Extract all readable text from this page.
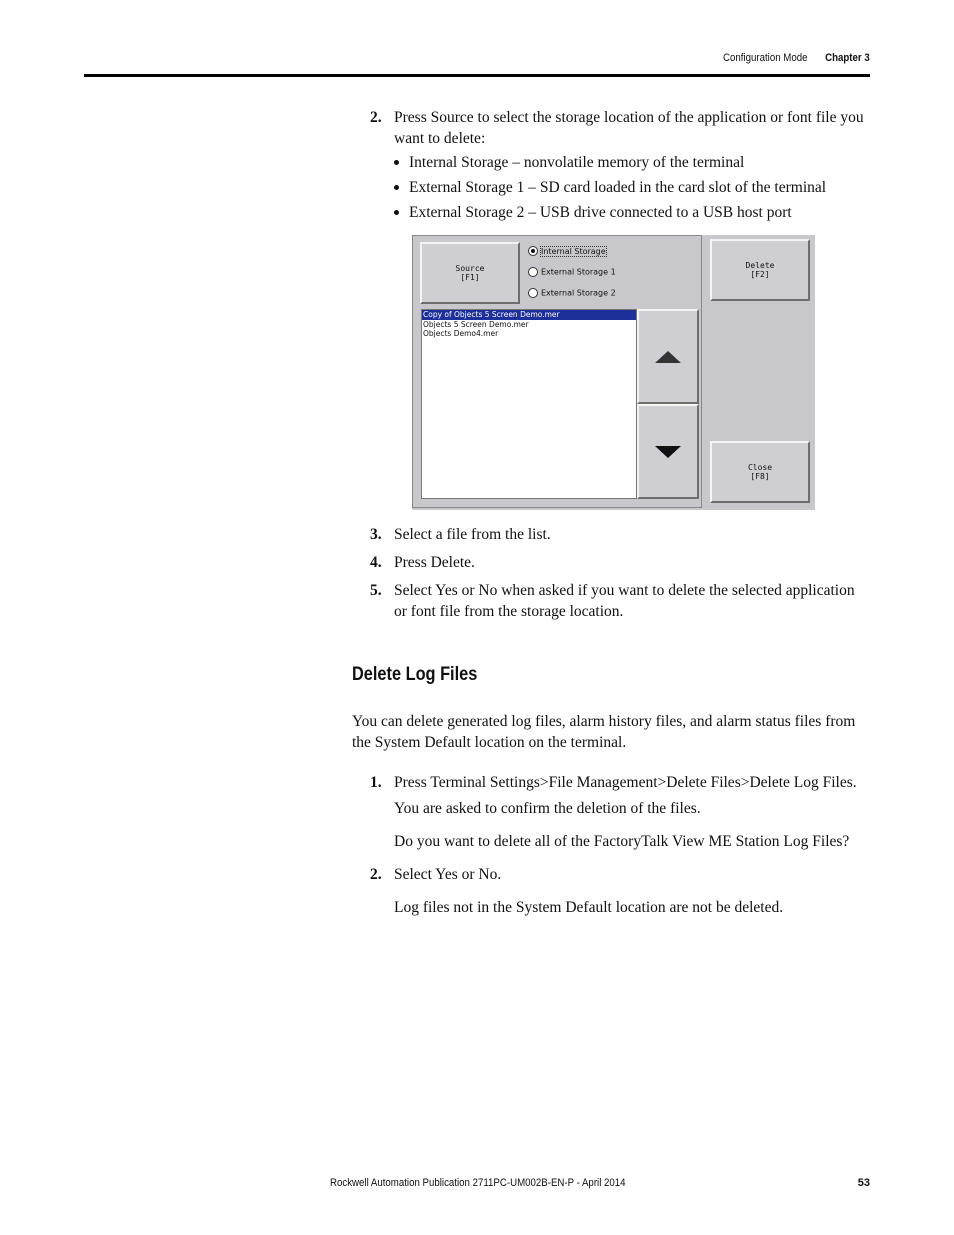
Configuration Mode Chapter 3
2. Press Source to select the storage location of the application or font file you want to delete:
Internal Storage – nonvolatile memory of the terminal
External Storage 1 – SD card loaded in the card slot of the terminal
External Storage 2 – USB drive connected to a USB host port
Source
[F1]
Internal Storage
External Storage 1
External Storage 2
Copy of Objects 5 Screen Demo.mer
Objects 5 Screen Demo.mer
Objects Demo4.mer
Delete
[F2]
Close
[F8]
3. Select a file from the list.
4. Press Delete.
5. Select Yes or No when asked if you want to delete the selected application or font file from the storage location.
Delete Log Files
You can delete generated log files, alarm history files, and alarm status files from the System Default location on the terminal.
1. Press Terminal Settings>File Management>Delete Files>Delete Log Files.
You are asked to confirm the deletion of the files.
Do you want to delete all of the FactoryTalk View ME Station Log Files?
2. Select Yes or No.
Log files not in the System Default location are not be deleted.
Rockwell Automation Publication 2711PC-UM002B-EN-P - April 2014	53
